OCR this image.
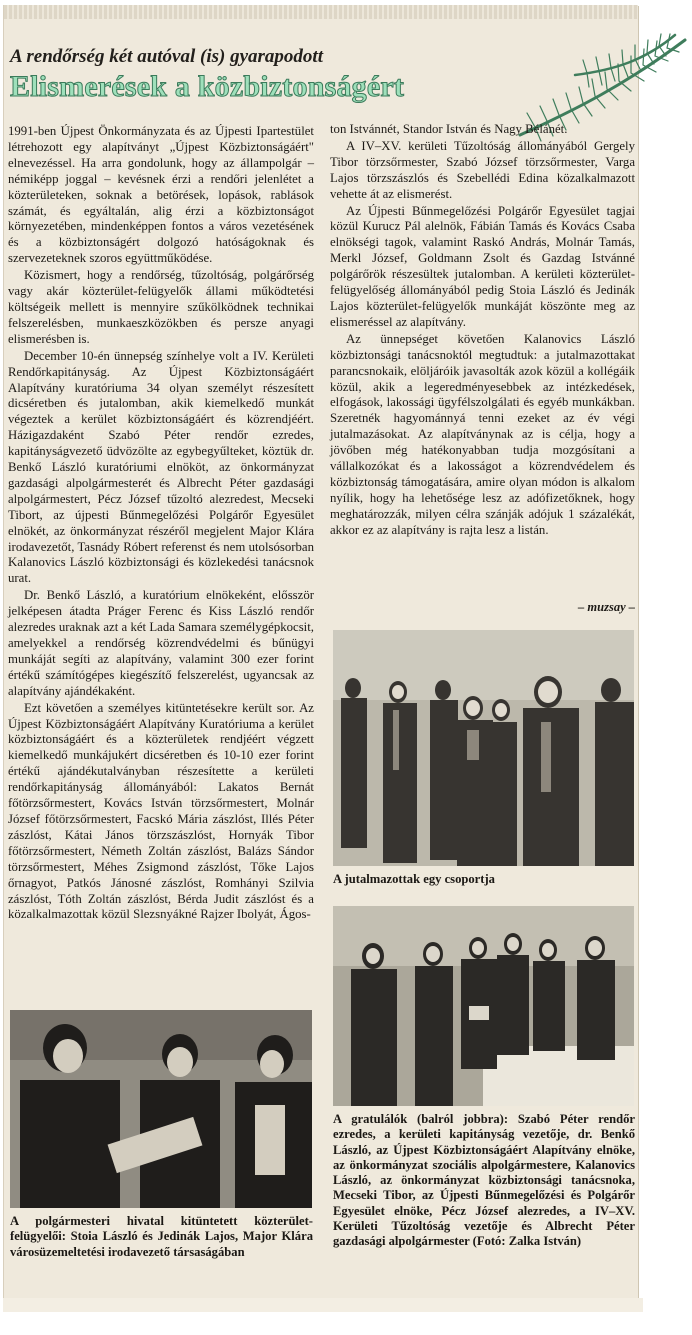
A rendőrség két autóval (is) gyarapodott
Elismerések a közbiztonságért

1991-ben Újpest Önkormányzata és az Újpesti Ipartestület létrehozott egy alapítványt „Újpest Közbiztonságáért" elnevezéssel. Ha arra gondolunk, hogy az állampolgár – némiképp joggal – kevésnek érzi a rendőri jelenlétet a közterületeken, soknak a betörések, lopások, rablások számát, és egyáltalán, alig érzi a közbiztonságot környezetében, mindenképpen fontos a város vezetésének és a közbiztonságért dolgozó hatóságoknak és szervezeteknek szoros együttműködése.

Közismert, hogy a rendőrség, tűzoltóság, polgárőrség vagy akár közterület-felügyelők állami működtetési költségeik mellett is mennyire szűkölködnek technikai felszerelésben, munkaeszközökben és persze anyagi elismerésben is.

December 10-én ünnepség színhelye volt a IV. Kerületi Rendőrkapitányság. Az Újpest Közbiztonságáért Alapítvány kuratóriuma 34 olyan személyt részesített dicséretben és jutalomban, akik kiemelkedő munkát végeztek a kerület közbiztonságáért és közrendjéért. Házigazdaként Szabó Péter rendőr ezredes, kapitányságvezető üdvözölte az egybegyűlteket, köztük dr. Benkő László kuratóriumi elnököt, az önkormányzat gazdasági alpolgármesterét és Albrecht Péter gazdasági alpolgármestert, Pécz József tűzoltó alezredest, Mecseki Tibort, az újpesti Bűnmegelőzési Polgárőr Egyesület elnökét, az önkormányzat részéről megjelent Major Klára irodavezetőt, Tasnády Róbert referenst és nem utolsósorban Kalanovics László közbiztonsági és közlekedési tanácsnok urat.

Dr. Benkő László, a kuratórium elnökeként, elősször jelképesen átadta Práger Ferenc és Kiss László rendőr alezredes uraknak azt a két Lada Samara személygépkocsit, amelyekkel a rendőrség közrendvédelmi és bűnügyi munkáját segíti az alapítvány, valamint 300 ezer forint értékű számítógépes kiegészítő felszerelést, ugyancsak az alapítvány ajándékaként.

Ezt követően a személyes kitüntetésekre került sor. Az Újpest Közbiztonságáért Alapítvány Kuratóriuma a kerület közbiztonságáért és a közterületek rendjéért végzett kiemelkedő munkájukért dicséretben és 10-10 ezer forint értékű ajándékutalványban részesítette a kerületi rendőrkapitányság állományából: Lakatos Bernát főtörzsőrmestert, Kovács István törzsőrmestert, Molnár József főtörzsőrmestert, Facskó Mária zászlóst, Illés Péter zászlóst, Kátai János törzszászlóst, Hornyák Tibor főtörzsőrmestert, Németh Zoltán zászlóst, Balázs Sándor törzsőrmestert, Méhes Zsigmond zászlóst, Tőke Lajos őrnagyot, Patkós Jánosné zászlóst, Romhányi Szilvia zászlóst, Tóth Zoltán zászlóst, Bérda Judit zászlóst és a közalkalmazottak közül Slezsnyákné Rajzer Ibolyát, Ágos-

ton Istvánnét, Standor István és Nagy Bélánét.

A IV–XV. kerületi Tűzoltóság állományából Gergely Tibor törzsőrmester, Szabó József törzsőrmester, Varga Lajos törzszászlós és Szebellédi Edina közalkalmazott vehette át az elismerést.

Az Újpesti Bűnmegelőzési Polgárőr Egyesület tagjai közül Kurucz Pál alelnök, Fábián Tamás és Kovács Csaba elnökségi tagok, valamint Raskó András, Molnár Tamás, Merkl József, Goldmann Zsolt és Gazdag Istvánné polgárőrök részesültek jutalomban. A kerületi közterület-felügyelőség állományából pedig Stoia László és Jedinák Lajos közterület-felügyelők munkáját köszönte meg az elismeréssel az alapítvány.

Az ünnepséget követően Kalanovics László közbiztonsági tanácsnoktól megtudtuk: a jutalmazottakat parancsnokaik, elöljáróik javasolták azok közül a kollégáik közül, akik a legeredményesebbek az intézkedések, elfogások, lakossági ügyfélszolgálati és egyéb munkákban. Szeretnék hagyománnyá tenni ezeket az év végi jutalmazásokat. Az alapítványnak az is célja, hogy a jövőben még hatékonyabban tudja mozgósítani a vállalkozókat és a lakosságot a közrendvédelem és közbiztonság támogatására, amire olyan módon is alkalom nyílik, hogy ha lehetősége lesz az adófizetőknek, hogy meghatározzák, milyen célra szánják adójuk 1 százalékát, akkor ez az alapítvány is rajta lesz a listán.

– muzsay –
A jutalmazottak egy csoportja
A gratulálók (balról jobbra): Szabó Péter rendőr ezredes, a kerületi kapitányság vezetője, dr. Benkő László, az Újpest Közbiztonságáért Alapítvány elnöke, az önkormányzat szociális alpolgármestere, Kalanovics László, az önkormányzat közbiztonsági tanácsnoka, Mecseki Tibor, az Újpesti Bűnmegelőzési és Polgárőr Egyesület elnöke, Pécz József alezredes, a IV–XV. Kerületi Tűzoltóság vezetője és Albrecht Péter gazdasági alpolgármester (Fotó: Zalka István)
A polgármesteri hivatal kitüntetett közterület-felügyelői: Stoia László és Jedinák Lajos, Major Klára városüzemeltetési irodavezető társaságában
